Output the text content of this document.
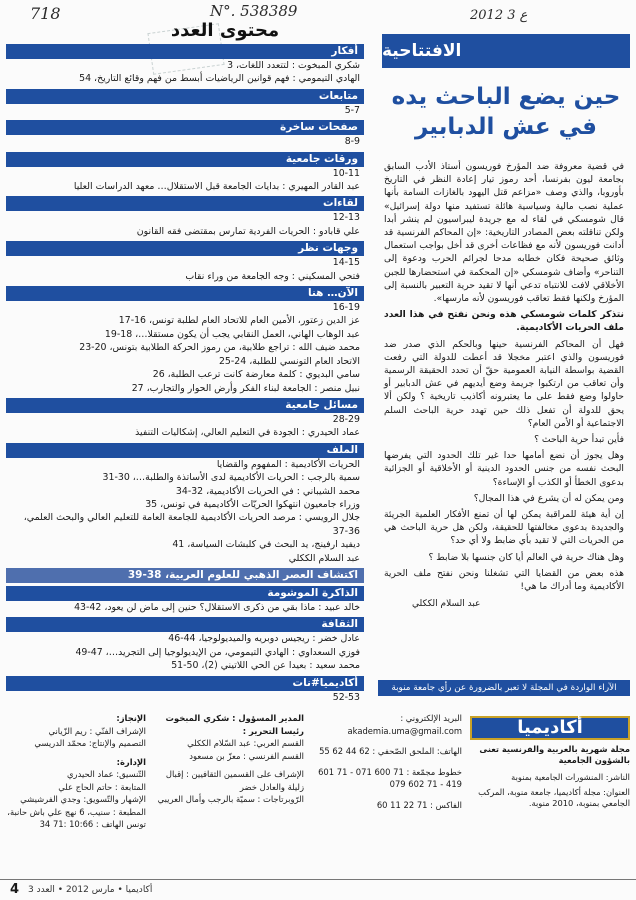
718	N°. 538389	2012 3 ع
محتوى العدد
أفكار
شكري المبخوت : لتتعدد اللغات، 3
الهادي التيمومي : فهم قوانين الرياضيات أبسط من فهم وقائع التاريخ، 54
متابعات
5-7
صفحات ساخرة
8-9
ورقات جامعية
10-11
عبد القادر المهيري : بدايات الجامعة قبل الاستقلال… معهد الدراسات العليا
لقاءات
12-13
علي قابادو : الحريات الفردية تمارس بمقتضى فقه القانون
وجهات نظر
14-15
فتحي المسكيني : وجه الجامعة من وراء نقاب
الآن… هنا
16-19
عز الدين زعتور، الأمين العام للاتحاد العام لطلبة تونس، 16-17
عبد الوهاب الهاني، العمل النقابي يجب أن يكون مستقلا…، 18-19
محمد ضيف الله : تراجع طلابية، من رموز الحركة الطلابية بتونس، 20-23
الاتحاد العام التونسي للطلبة، 24-25
سامي البديوي : كلمة معارضة كانت ترعب الطلبة، 26
نبيل منصر : الجامعة لبناء الفكر وأرض الحوار والتجارب، 27
مسائل جامعية
28-29
عماد الحيدري : الجودة في التعليم العالي، إشكاليات التنفيذ
الملف
الحريات الأكاديمية : المفهوم والقضايا
سمية بالرجب : الحريات الأكاديمية لدى الأساتذة والطلبة…، 30-31
محمد الشيباني : في الحريات الأكاديمية، 32-34
وزراء جامعيون انتهكوا الحريّات الأكاديمية في تونس، 35
جلال الرويسي : مرصد الحريات الأكاديمية للجامعة العامة للتعليم العالي والبحث العلمي، 36-37
ديفيد ارفينج، يد البحث في كلبشات السياسة، 41
عبد السلام الككلي
اكتشاف العصر الذهبي للعلوم العربية، 38-39
الذاكرة الموشومة
خالد عبيد : ماذا بقي من ذكرى الاستقلال؟ حنين إلى ماض لن يعود، 42-43
الثقافة
عادل خضر : ريجيس دوبريه والميديولوجيا، 44-46
فوزي السعداوي : الهادي التيمومي، من الإيديولوجيا إلى التجريد…، 47-49
محمد سعيد : بعيدا عن الحي اللاتيني (2)، 50-51
أكاديميا#نات
52-53
الافتتاحية
حين يضع الباحث يده
في عش الدبابير

في قضية معروفة ضد المؤرخ فوريسون أستاذ الأدب السابق بجامعة ليون بفرنسا، أحد رموز تيار إعادة النظر في التاريخ بأوروبا، والذي وصف «مزاعم قتل اليهود بالغازات السامة بأنها عملية نصب مالية وسياسية هائلة تستفيد منها دولة إسرائيل» قال شومسكي في لقاء له مع جريدة ليبراسيون لم ينشر أبدا ولكن تناقلته بعض المصادر التاريخية: «إن المحاكم الفرنسية قد أدانت فوريسون لأنه مع فظاعات أخرى قد أخل بواجب استعمال وثائق صحيحة فكان خطابه مدحا لجرائم الحرب ودعوة إلى التناحر» وأضاف شومسكي «إن المحكمة في استحضارها للجبن الأخلاقي لافت للانتباه تدعي أنها لا تقيد حرية التعبير بالنسبة إلى المؤرخ ولكنها فقط تعاقب فوريسون لأنه مارسها».

نتذكر كلمات شومسكي هذه ونحن نفتح في هذا العدد ملف الحريات الأكاديمية.

فهل أن المحاكم الفرنسية حينها وبالحكم الذي صدر ضد فوريسون والذي اعتبر مخجلا قد أعطت للدولة التي رفعت القضية بواسطة النيابة العمومية حقّ أن تحدد الحقيقة الرسمية وأن تعاقب من ارتكبوا جريمة وضع أيديهم في عش الدبابير أو حاولوا وضع فقط على ما يعتبرونه أكاذيب تاريخية ؟ ولكن ألا يحق للدولة أن تفعل ذلك حين تهدد حرية الباحث السلم الاجتماعية أو الأمن العام؟

فأين تبدأ حرية الباحث ؟

وهل يجوز أن نضع أمامها حدا غير تلك الحدود التي يفرضها البحث نفسه من جنس الحدود الدينية أو الأخلاقية أو الجزائية بدعوى الخطأ أو الكذب أو الإساءة؟

ومن يمكن له أن يشرع في هذا المجال؟

إن أية هيئة للمراقبة يمكن لها أن تمنع الأفكار العلمية الجريئة والجديدة بدعوى مخالفتها للحقيقة، ولكن هل حرية الباحث هي من الحريات التي لا تقيد بأي ضابط ولا أي حد؟

وهل هناك حرية في العالم أيا كان جنسها بلا ضابط ؟

هذه بعض من القضايا التي تشغلنا ونحن نفتح ملف الحرية الأكاديمية وما أدراك ما هي!

عبد السلام الككلي
الآراء الواردة في المجلة لا تعبر بالضرورة عن رأي جامعة منوبة
أكاديميا
مجلة شهرية بالعربية والفرنسية تعنى بالشؤون الجامعية
الناشر: المنشورات الجامعية بمنوبة
العنوان: مجلة أكاديميا، جامعة منوبة، المركب الجامعي بمنوبة، 2010 منوبة.
البريد الإلكتروني : akademia.uma@gmail.com
الهاتف: الملحق الصّحفي : 62 44 62 55
خطوط مجمّعة : 71 600 071 - 71 601 419 - 71 602 079
الفاكس : 71 22 11 60
المدير المسؤول : شكري المبخوت
رئيسا التحرير :
القسم العربي: عبد السّلام الككلي
القسم الفرنسي : معزّ بن مسعود
الإشراف على القسمين الثقافيين : إقبال زليلة والعادل خضر
الرّوبرتاجات : سميّة بالرجب وأمال العريبي
الإنجاز:
الإشراف الفنّي : ريم الزّياني
التصميم والإنتاج: محمّد الدريسي
الإدارة:
التّنسيق: عماد الحيدري
المتابعة : حاتم الحاج علي
الإشهار والتّسويق: وجدي الفرشيشي
المطبعة : سنيب، 6 نهج علي باش حانبة، تونس الهاتف : 10:66 :71 34
4 أكاديميا • مارس 2012 • العدد 3
